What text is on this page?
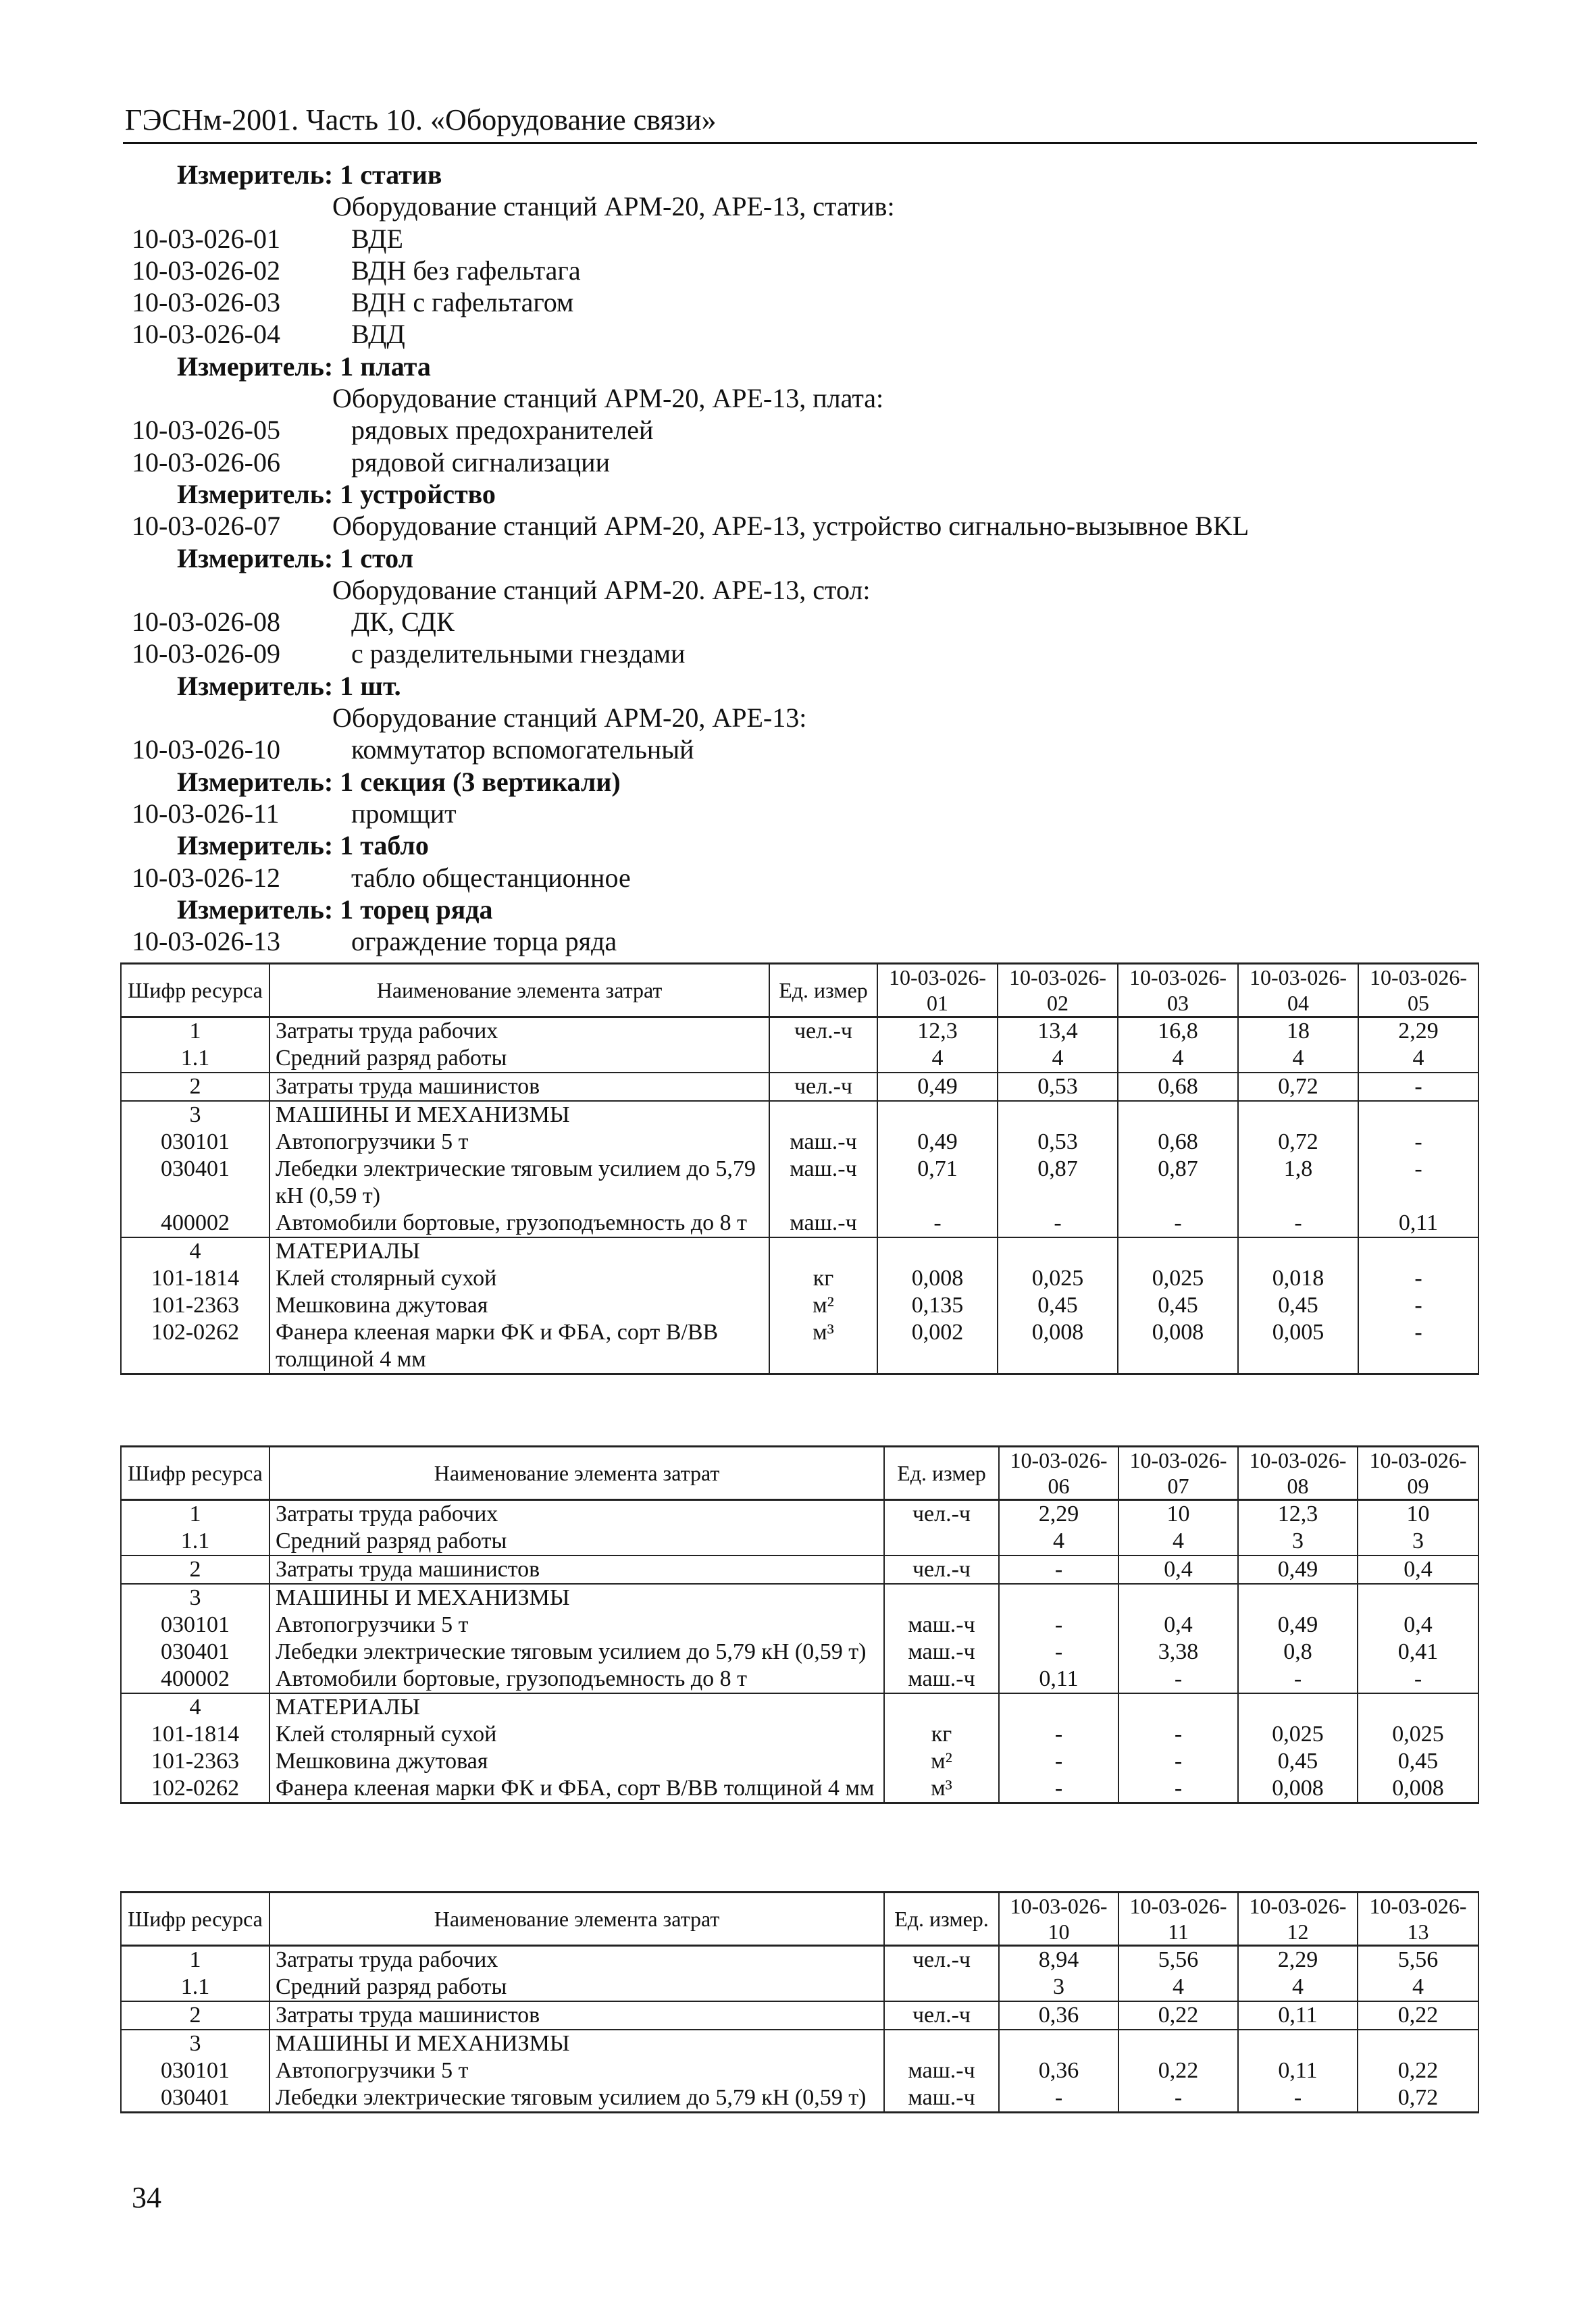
ГЭСНм-2001. Часть 10. «Оборудование связи»
Измеритель: 1 статив
Оборудование станций АРМ-20, АРЕ-13, статив:
10-03-026-01	ВДЕ
10-03-026-02	ВДН без гафельтага
10-03-026-03	ВДН с гафельтагом
10-03-026-04	ВДД
Измеритель: 1 плата
Оборудование станций АРМ-20, АРЕ-13, плата:
10-03-026-05	рядовых предохранителей
10-03-026-06	рядовой сигнализации
Измеритель: 1 устройство
10-03-026-07 Оборудование станций АРМ-20, АРЕ-13, устройство сигнально-вызывное BKL
Измеритель: 1 стол
Оборудование станций АРМ-20. АРЕ-13, стол:
10-03-026-08	ДК, СДК
10-03-026-09	с разделительными гнездами
Измеритель: 1 шт.
Оборудование станций АРМ-20, АРЕ-13:
10-03-026-10	коммутатор вспомогательный
Измеритель: 1 секция (3 вертикали)
10-03-026-11	промщит
Измеритель: 1 табло
10-03-026-12	табло общестанционное
Измеритель: 1 торец ряда
10-03-026-13	ограждение торца ряда
Шифр ресурса	Наименование элемента затрат	Ед. измер	10-03-026-01	10-03-026-02	10-03-026-03	10-03-026-04	10-03-026-05
1	Затраты труда рабочих	чел.-ч	12,3	13,4	16,8	18	2,29
1.1	Средний разряд работы		4	4	4	4	4
2	Затраты труда машинистов	чел.-ч	0,49	0,53	0,68	0,72	-
3	МАШИНЫ И МЕХАНИЗМЫ						
030101	Автопогрузчики 5 т	маш.-ч	0,49	0,53	0,68	0,72	-
030401	Лебедки электрические тяговым усилием до 5,79 кН (0,59 т)	маш.-ч	0,71	0,87	0,87	1,8	-
400002	Автомобили бортовые, грузоподъемность до 8 т	маш.-ч	-	-	-	-	0,11
4	МАТЕРИАЛЫ						
101-1814	Клей столярный сухой	кг	0,008	0,025	0,025	0,018	-
101-2363	Мешковина джутовая	м²	0,135	0,45	0,45	0,45	-
102-0262	Фанера клееная марки ФК и ФБА, сорт В/ВВ толщиной 4 мм	м³	0,002	0,008	0,008	0,005	-
Шифр ресурса	Наименование элемента затрат	Ед. измер	10-03-026-06	10-03-026-07	10-03-026-08	10-03-026-09
1	Затраты труда рабочих	чел.-ч	2,29	10	12,3	10
1.1	Средний разряд работы		4	4	3	3
2	Затраты труда машинистов	чел.-ч	-	0,4	0,49	0,4
3	МАШИНЫ И МЕХАНИЗМЫ					
030101	Автопогрузчики 5 т	маш.-ч	-	0,4	0,49	0,4
030401	Лебедки электрические тяговым усилием до 5,79 кН (0,59 т)	маш.-ч	-	3,38	0,8	0,41
400002	Автомобили бортовые, грузоподъемность до 8 т	маш.-ч	0,11	-	-	-
4	МАТЕРИАЛЫ					
101-1814	Клей столярный сухой	кг	-	-	0,025	0,025
101-2363	Мешковина джутовая	м²	-	-	0,45	0,45
102-0262	Фанера клееная марки ФК и ФБА, сорт В/ВВ толщиной 4 мм	м³	-	-	0,008	0,008
Шифр ресурса	Наименование элемента затрат	Ед. измер.	10-03-026-10	10-03-026-11	10-03-026-12	10-03-026-13
1	Затраты труда рабочих	чел.-ч	8,94	5,56	2,29	5,56
1.1	Средний разряд работы		3	4	4	4
2	Затраты труда машинистов	чел.-ч	0,36	0,22	0,11	0,22
3	МАШИНЫ И МЕХАНИЗМЫ					
030101	Автопогрузчики 5 т	маш.-ч	0,36	0,22	0,11	0,22
030401	Лебедки электрические тяговым усилием до 5,79 кН (0,59 т)	маш.-ч	-	-	-	0,72
34
